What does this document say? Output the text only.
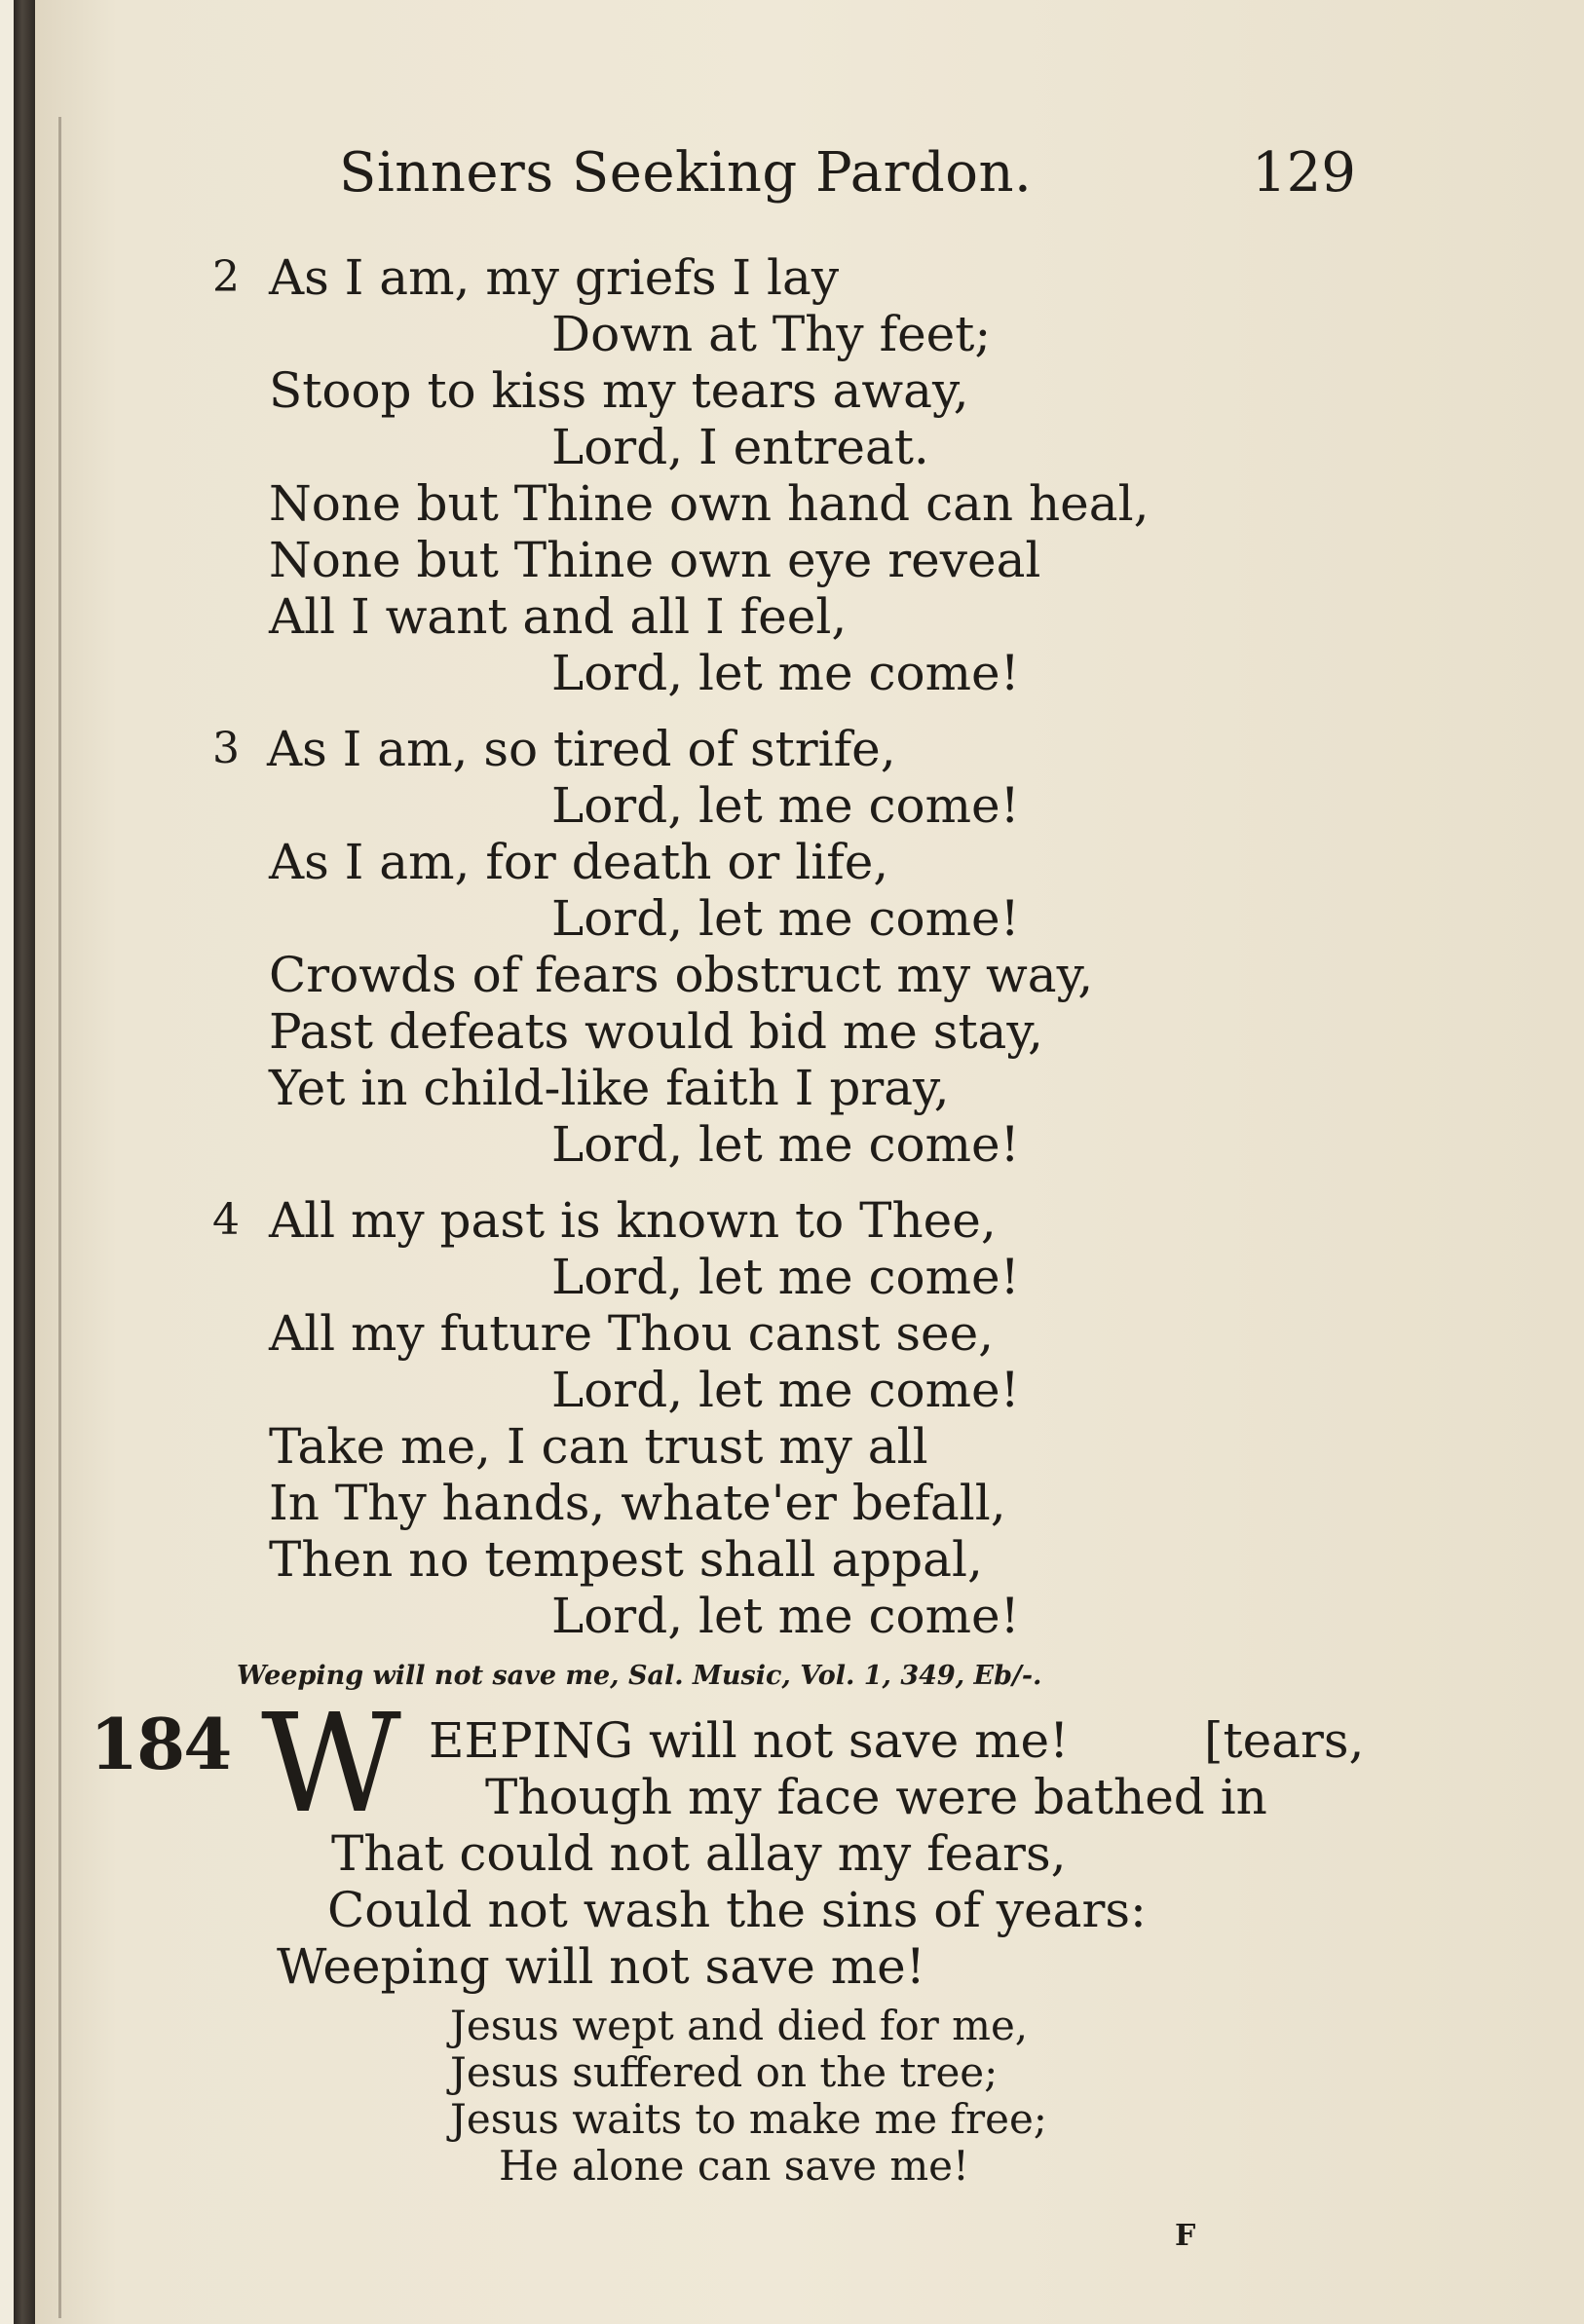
Sinners Seeking Pardon.	129
2 As I am, my griefs I lay
Down at Thy feet;
Stoop to kiss my tears away,
Lord, I entreat.
None but Thine own hand can heal,
None but Thine own eye reveal
All I want and all I feel,
Lord, let me come!
3 As I am, so tired of strife,
Lord, let me come!
As I am, for death or life,
Lord, let me come!
Crowds of fears obstruct my way,
Past defeats would bid me stay,
Yet in child-like faith I pray,
Lord, let me come!
4 All my past is known to Thee,
Lord, let me come!
All my future Thou canst see,
Lord, let me come!
Take me, I can trust my all
In Thy hands, whate'er befall,
Then no tempest shall appal,
Lord, let me come!
Weeping will not save me, Sal. Music, Vol. 1, 349, Eb/-.
184 W EEPING will not save me!	[tears,
Though my face were bathed in
That could not allay my fears,
Could not wash the sins of years:
Weeping will not save me!
Jesus wept and died for me,
Jesus suffered on the tree;
Jesus waits to make me free;
He alone can save me!
F
